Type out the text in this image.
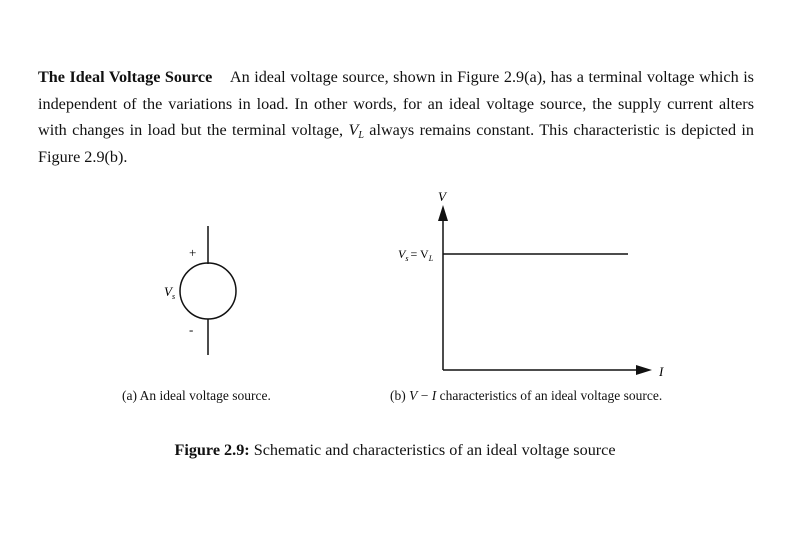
The Ideal Voltage Source An ideal voltage source, shown in Figure 2.9(a), has a terminal voltage which is independent of the variations in load. In other words, for an ideal voltage source, the supply current alters with changes in load but the terminal voltage, $V_L$ always remains constant. This characteristic is depicted in Figure 2.9(b).
+
-
$V_s$
V
I
$V_s = V_L$
(a) An ideal voltage source.	(b) V − I characteristics of an ideal voltage source.
Figure 2.9: Schematic and characteristics of an ideal voltage source
